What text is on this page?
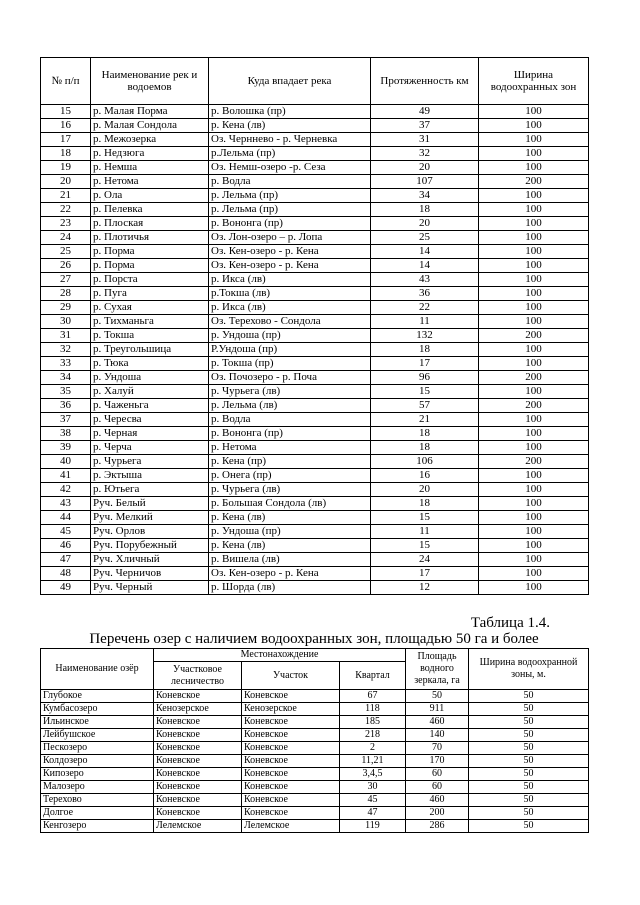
№ п/п	Наименование рек и водоемов	Куда впадает река	Протяженность км	Ширина водоохранных зон
15	р. Малая Порма	р. Волошка (пр)	49	100
16	р. Малая Сондола	р. Кена (лв)	37	100
17	р. Межозерка	Оз. Черннево - р. Черневка	31	100
18	р. Недзюга	р.Лельма (пр)	32	100
19	р. Немша	Оз. Немш-озеро -р. Сеза	20	100
20	р. Нетома	р. Водла	107	200
21	р. Ола	р. Лельма (пр)	34	100
22	р. Пелевка	р. Лельма (пр)	18	100
23	р. Плоская	р. Вононга (пр)	20	100
24	р. Плотичья	Оз. Лон-озеро – р. Лопа	25	100
25	р. Порма	Оз. Кен-озеро - р. Кена	14	100
26	р. Порма	Оз. Кен-озеро - р. Кена	14	100
27	р. Порста	р. Икса (лв)	43	100
28	р. Пуга	р.Токша (лв)	36	100
29	р. Сухая	р. Икса (лв)	22	100
30	р. Тихманьга	Оз. Терехово - Сондола	11	100
31	р. Токша	р. Ундоша (пр)	132	200
32	р. Треугольшица	Р.Ундоша (пр)	18	100
33	р. Тюка	р. Токша (пр)	17	100
34	р. Ундоша	Оз. Почозеро - р. Поча	96	200
35	р. Халуй	р. Чурьега (лв)	15	100
36	р. Чаженьга	р. Лельма (лв)	57	200
37	р. Чересва	р. Водла	21	100
38	р. Черная	р. Вононга (пр)	18	100
39	р. Черча	р. Нетома	18	100
40	р. Чурьега	р. Кена (пр)	106	200
41	р. Эктыша	р. Онега (пр)	16	100
42	р. Ютьега	р. Чурьега (лв)	20	100
43	Руч. Белый	р. Большая Сондола (лв)	18	100
44	Руч. Мелкий	р. Кена (лв)	15	100
45	Руч. Орлов	р. Ундоша (пр)	11	100
46	Руч. Порубежный	р. Кена (лв)	15	100
47	Руч. Хличный	р. Вишела (лв)	24	100
48	Руч. Черничов	Оз. Кен-озеро - р. Кена	17	100
49	Руч. Черный	р. Шорда (лв)	12	100
Таблица 1.4.
Перечень озер с наличием водоохранных зон, площадью 50 га и более
Наименование озёр	Местонахождение			Площадь водного зеркала, га	Ширина водоохранной зоны, м.
	Участковое лесничество	Участок	Квартал		
Глубокое	Коневское	Коневское	67	50	50
Кумбасозеро	Кенозерское	Кенозерское	118	911	50
Ильинское	Коневское	Коневское	185	460	50
Лейбушское	Коневское	Коневское	218	140	50
Пескозеро	Коневское	Коневское	2	70	50
Колдозеро	Коневское	Коневское	11,21	170	50
Кипозеро	Коневское	Коневское	3,4,5	60	50
Малозеро	Коневское	Коневское	30	60	50
Терехово	Коневское	Коневское	45	460	50
Долгое	Коневское	Коневское	47	200	50
Кенгозеро	Лелемское	Лелемское	119	286	50
